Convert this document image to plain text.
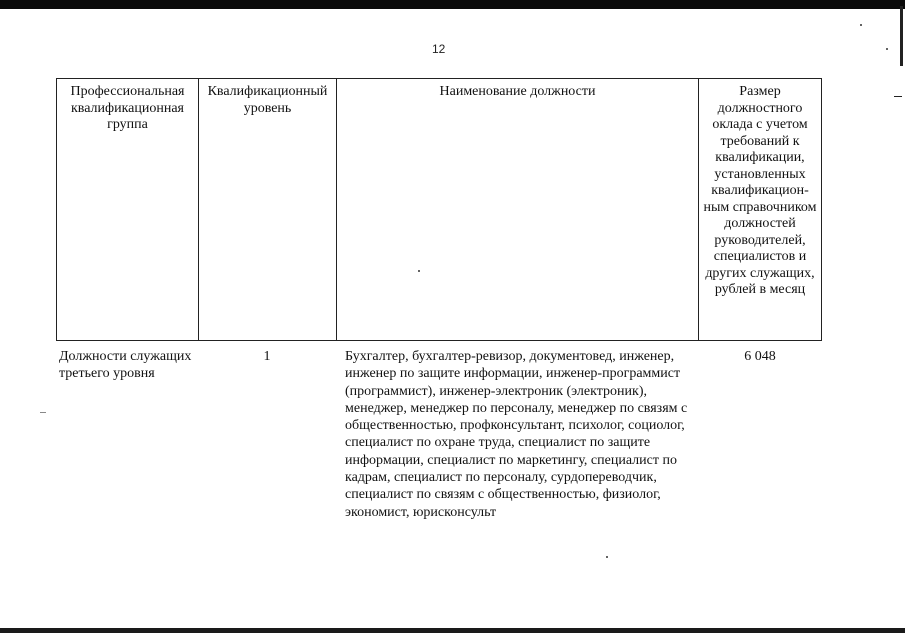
12
Профессиональная квалификационная группа
Квалификационный уровень
Наименование должности	Размер должностного оклада с учетом требований к квалификации, установленных квалификацион-ным справочником должностей руководителей, специалистов и других служащих, рублей в месяц
Должности служащих третьего уровня
1	Бухгалтер, бухгалтер-ревизор, документовед, инженер, инженер по защите информации, инженер-программист (программист), инженер-электроник (электроник), менеджер, менеджер по персоналу, менеджер по связям с общественностью, профконсультант, психолог, социолог, специалист по охране труда, специалист по защите информации, специалист по маркетингу, специалист по кадрам, специалист по персоналу, сурдопереводчик, специалист по связям с общественностью, физиолог, экономист, юрисконсульт
6 048
